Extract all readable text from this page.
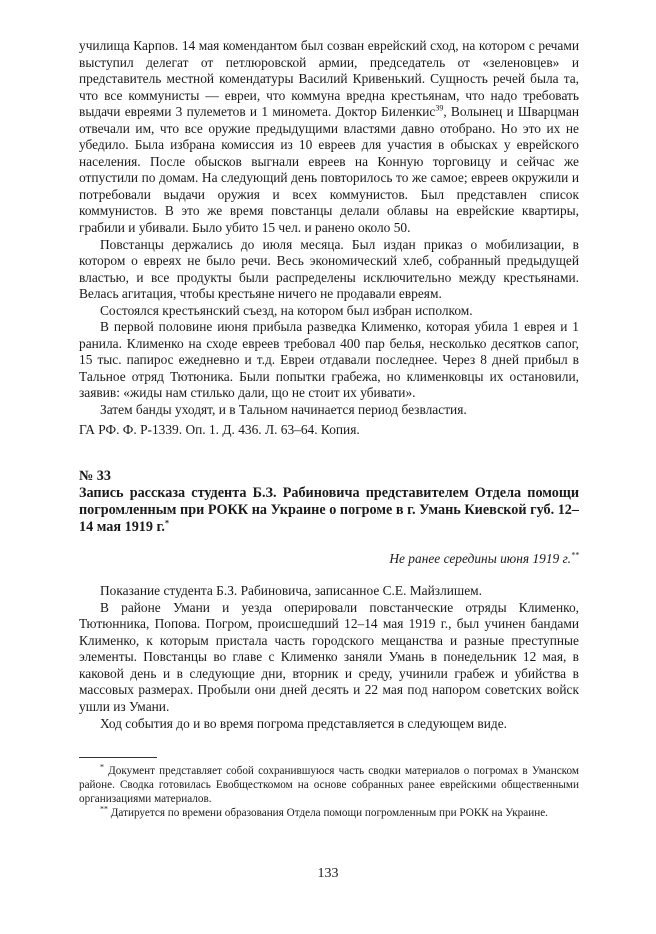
училища Карпов. 14 мая комендантом был созван еврейский сход, на котором с речами выступил делегат от петлюровской армии, председатель от «зеленовцев» и представитель местной комендатуры Василий Кривенький. Сущность речей была та, что все коммунисты — евреи, что коммуна вредна крестьянам, что надо требовать выдачи евреями 3 пулеметов и 1 миномета. Доктор Биленкис$^{39}$, Волынец и Шварцман отвечали им, что все оружие предыдущими властями давно отобрано. Но это их не убедило. Была избрана комиссия из 10 евреев для участия в обысках у еврейского населения. После обысков выгнали евреев на Конную торговицу и сейчас же отпустили по домам. На следующий день повторилось то же самое; евреев окружили и потребовали выдачи оружия и всех коммунистов. Был представлен список коммунистов. В это же время повстанцы делали облавы на еврейские квартиры, грабили и убивали. Было убито 15 чел. и ранено около 50.

Повстанцы держались до июля месяца. Был издан приказ о мобилизации, в котором о евреях не было речи. Весь экономический хлеб, собранный предыдущей властью, и все продукты были распределены исключительно между крестьянами. Велась агитация, чтобы крестьяне ничего не продавали евреям.

Состоялся крестьянский съезд, на котором был избран исполком.

В первой половине июня прибыла разведка Клименко, которая убила 1 еврея и 1 ранила. Клименко на сходе евреев требовал 400 пар белья, несколько десятков сапог, 15 тыс. папирос ежедневно и т.д. Евреи отдавали последнее. Через 8 дней прибыл в Тальное отряд Тютюника. Были попытки грабежа, но клименковцы их остановили, заявив: «жиды нам стилько дали, що не стоит их убивати».

Затем банды уходят, и в Тальном начинается период безвластия.

ГА РФ. Ф. Р-1339. Оп. 1. Д. 436. Л. 63–64. Копия.

№ 33
Запись рассказа студента Б.З. Рабиновича представителем Отдела помощи погромленным при РОКК на Украине о погроме в г. Умань Киевской губ. 12–14 мая 1919 г.*
Не ранее середины июня 1919 г.**

Показание студента Б.З. Рабиновича, записанное С.Е. Майзлишем.

В районе Умани и уезда оперировали повстанческие отряды Клименко, Тютюнника, Попова. Погром, происшедший 12–14 мая 1919 г., был учинен бандами Клименко, к которым пристала часть городского мещанства и разные преступные элементы. Повстанцы во главе с Клименко заняли Умань в понедельник 12 мая, в каковой день и в следующие дни, вторник и среду, учинили грабеж и убийства в массовых размерах. Пробыли они дней десять и 22 мая под напором советских войск ушли из Умани.

Ход события до и во время погрома представляется в следующем виде.

* Документ представляет собой сохранившуюся часть сводки материалов о погромах в Уманском районе. Сводка готовилась Евобщесткомом на основе собранных ранее еврейскими общественными организациями материалов.

** Датируется по времени образования Отдела помощи погромленным при РОКК на Украине.

133
